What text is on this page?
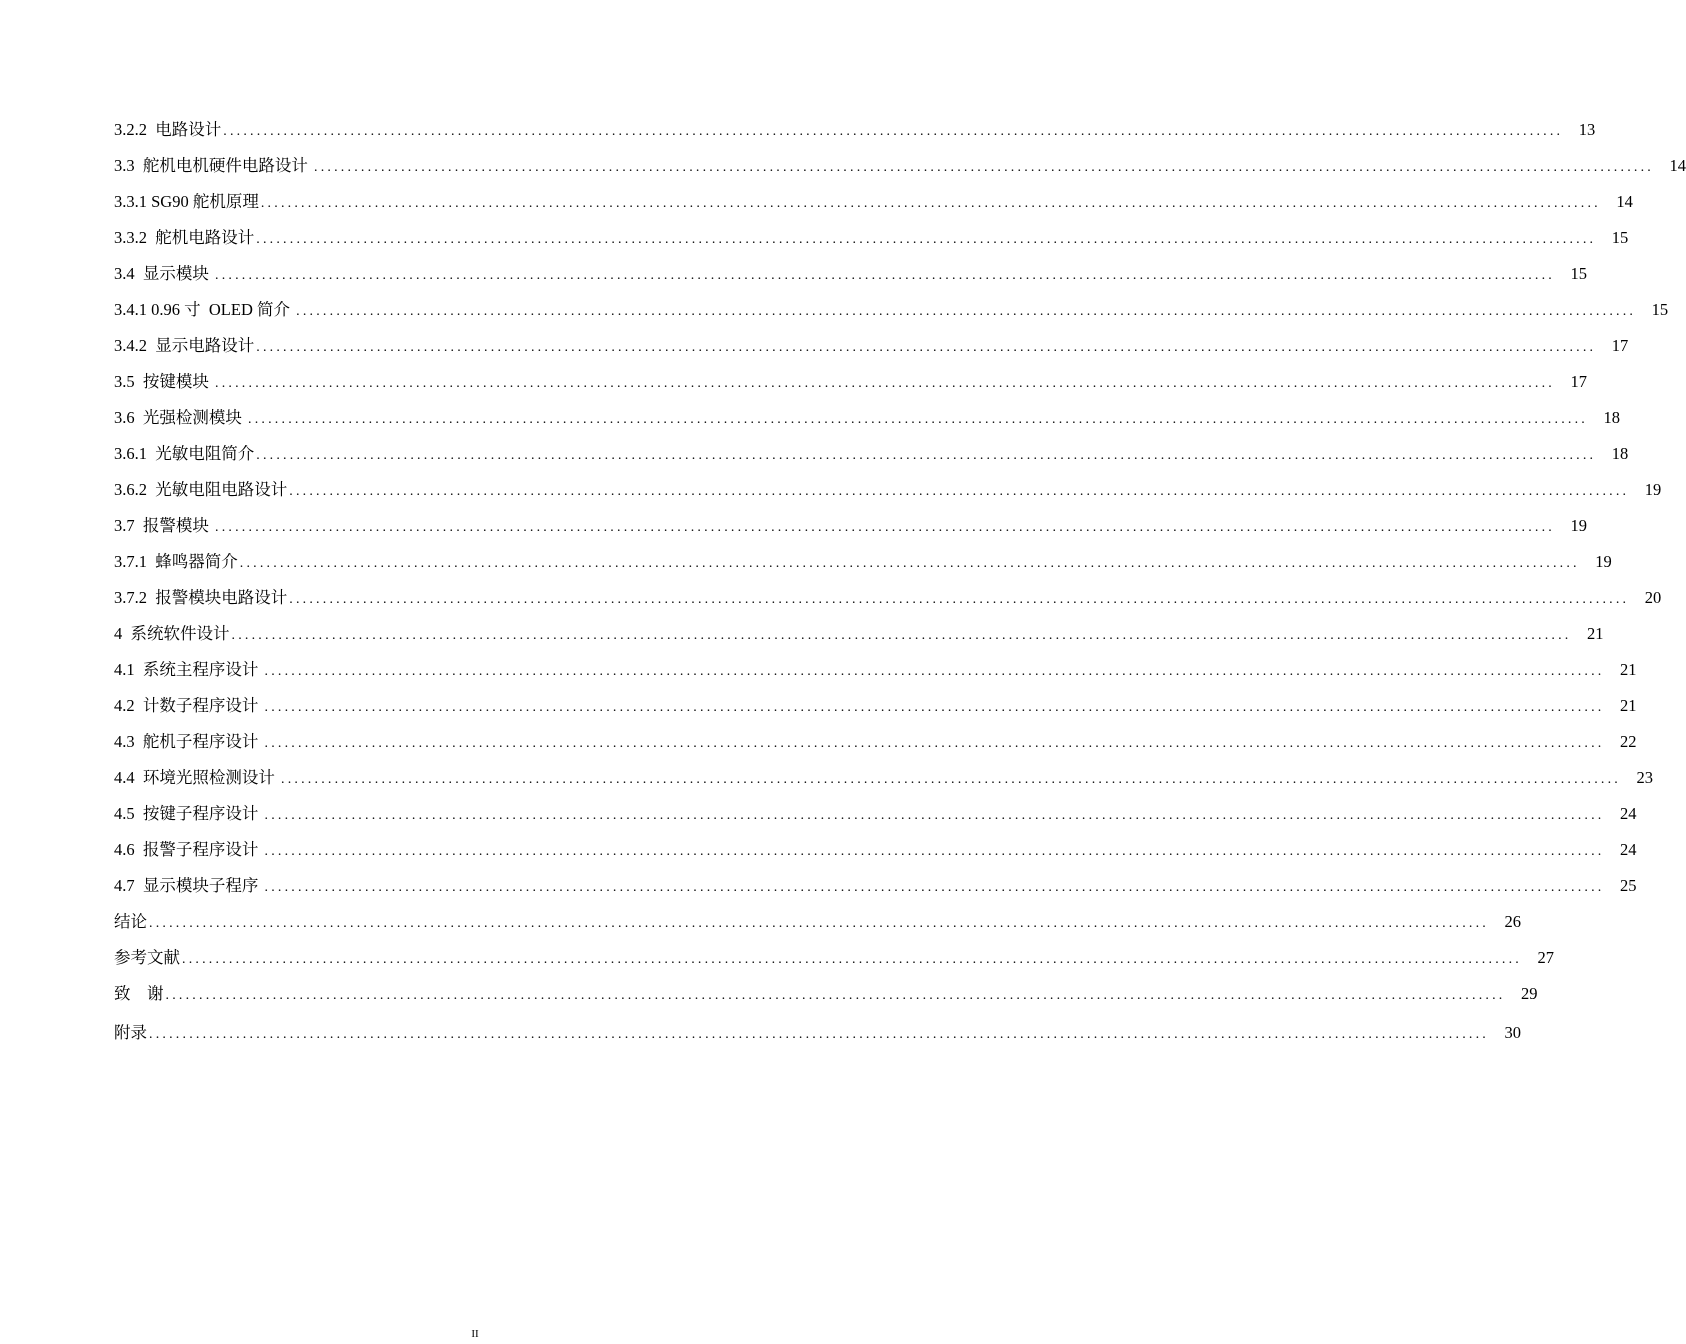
3.2.2  电路设计 ........................................................................................................................................................................................................ 13
3.3  舵机电机硬件电路设计 ........................................................................................................................................................................................................ 14
3.3.1 SG90 舵机原理 ........................................................................................................................................................................................................ 14
3.3.2  舵机电路设计 ........................................................................................................................................................................................................ 15
3.4  显示模块 ........................................................................................................................................................................................................ 15
3.4.1 0.96 寸  OLED 简介 ........................................................................................................................................................................................................ 15
3.4.2  显示电路设计 ........................................................................................................................................................................................................ 17
3.5  按键模块 ........................................................................................................................................................................................................ 17
3.6  光强检测模块 ........................................................................................................................................................................................................ 18
3.6.1  光敏电阻简介 ........................................................................................................................................................................................................ 18
3.6.2  光敏电阻电路设计 ........................................................................................................................................................................................................ 19
3.7  报警模块 ........................................................................................................................................................................................................ 19
3.7.1  蜂鸣器简介 ........................................................................................................................................................................................................ 19
3.7.2  报警模块电路设计 ........................................................................................................................................................................................................ 20
4  系统软件设计 ........................................................................................................................................................................................................ 21
4.1  系统主程序设计 ........................................................................................................................................................................................................ 21
4.2  计数子程序设计 ........................................................................................................................................................................................................ 21
4.3  舵机子程序设计 ........................................................................................................................................................................................................ 22
4.4  环境光照检测设计 ........................................................................................................................................................................................................ 23
4.5  按键子程序设计 ........................................................................................................................................................................................................ 24
4.6  报警子程序设计 ........................................................................................................................................................................................................ 24
4.7  显示模块子程序 ........................................................................................................................................................................................................ 25
结论 ........................................................................................................................................................................................................ 26
参考文献 ........................................................................................................................................................................................................ 27
致    谢 ........................................................................................................................................................................................................ 29
附录 ........................................................................................................................................................................................................ 30
II
